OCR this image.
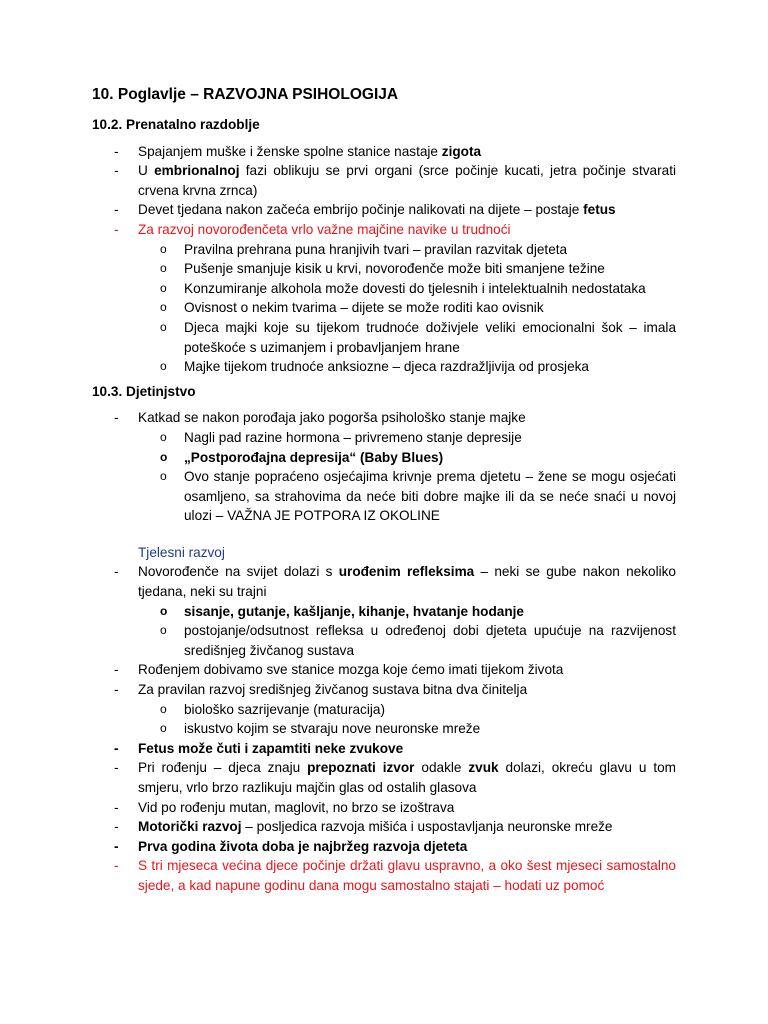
10. Poglavlje – RAZVOJNA PSIHOLOGIJA
10.2. Prenatalno razdoblje
- Spajanjem muške i ženske spolne stanice nastaje zigota
- U embrionalnoj fazi oblikuju se prvi organi (srce počinje kucati, jetra počinje stvarati crvena krvna zrnca)
- Devet tjedana nakon začeća embrijo počinje nalikovati na dijete – postaje fetus
- Za razvoj novorođenčeta vrlo važne majčine navike u trudnoći
o Pravilna prehrana puna hranjivih tvari – pravilan razvitak djeteta
o Pušenje smanjuje kisik u krvi, novorođenče može biti smanjene težine
o Konzumiranje alkohola može dovesti do tjelesnih i intelektualnih nedostataka
o Ovisnost o nekim tvarima – dijete se može roditi kao ovisnik
o Djeca majki koje su tijekom trudnoće doživjele veliki emocionalni šok – imala poteškoće s uzimanjem i probavljanjem hrane
o Majke tijekom trudnoće anksiozne – djeca razdražljivija od prosjeka
10.3. Djetinjstvo
- Katkad se nakon porođaja jako pogorša psihološko stanje majke
o Nagli pad razine hormona – privremeno stanje depresije
o „Postporođajna depresija“ (Baby Blues)
o Ovo stanje popraćeno osjećajima krivnje prema djetetu – žene se mogu osjećati osamljeno, sa strahovima da neće biti dobre majke ili da se neće snaći u novoj ulozi – VAŽNA JE POTPORA IZ OKOLINE
Tjelesni razvoj
- Novorođenče na svijet dolazi s urođenim refleksima – neki se gube nakon nekoliko tjedana, neki su trajni
o sisanje, gutanje, kašljanje, kihanje, hvatanje hodanje
o postojanje/odsutnost refleksa u određenoj dobi djeteta upućuje na razvijenost središnjeg živčanog sustava
- Rođenjem dobivamo sve stanice mozga koje ćemo imati tijekom života
- Za pravilan razvoj središnjeg živčanog sustava bitna dva činitelja
o biološko sazrijevanje (maturacija)
o iskustvo kojim se stvaraju nove neuronske mreže
- Fetus može čuti i zapamtiti neke zvukove
- Pri rođenju – djeca znaju prepoznati izvor odakle zvuk dolazi, okreću glavu u tom smjeru, vrlo brzo razlikuju majčin glas od ostalih glasova
- Vid po rođenju mutan, maglovit, no brzo se izoštrava
- Motorički razvoj – posljedica razvoja mišića i uspostavljanja neuronske mreže
- Prva godina života doba je najbržeg razvoja djeteta
- S tri mjeseca većina djece počinje držati glavu uspravno, a oko šest mjeseci samostalno sjede, a kad napune godinu dana mogu samostalno stajati – hodati uz pomoć
